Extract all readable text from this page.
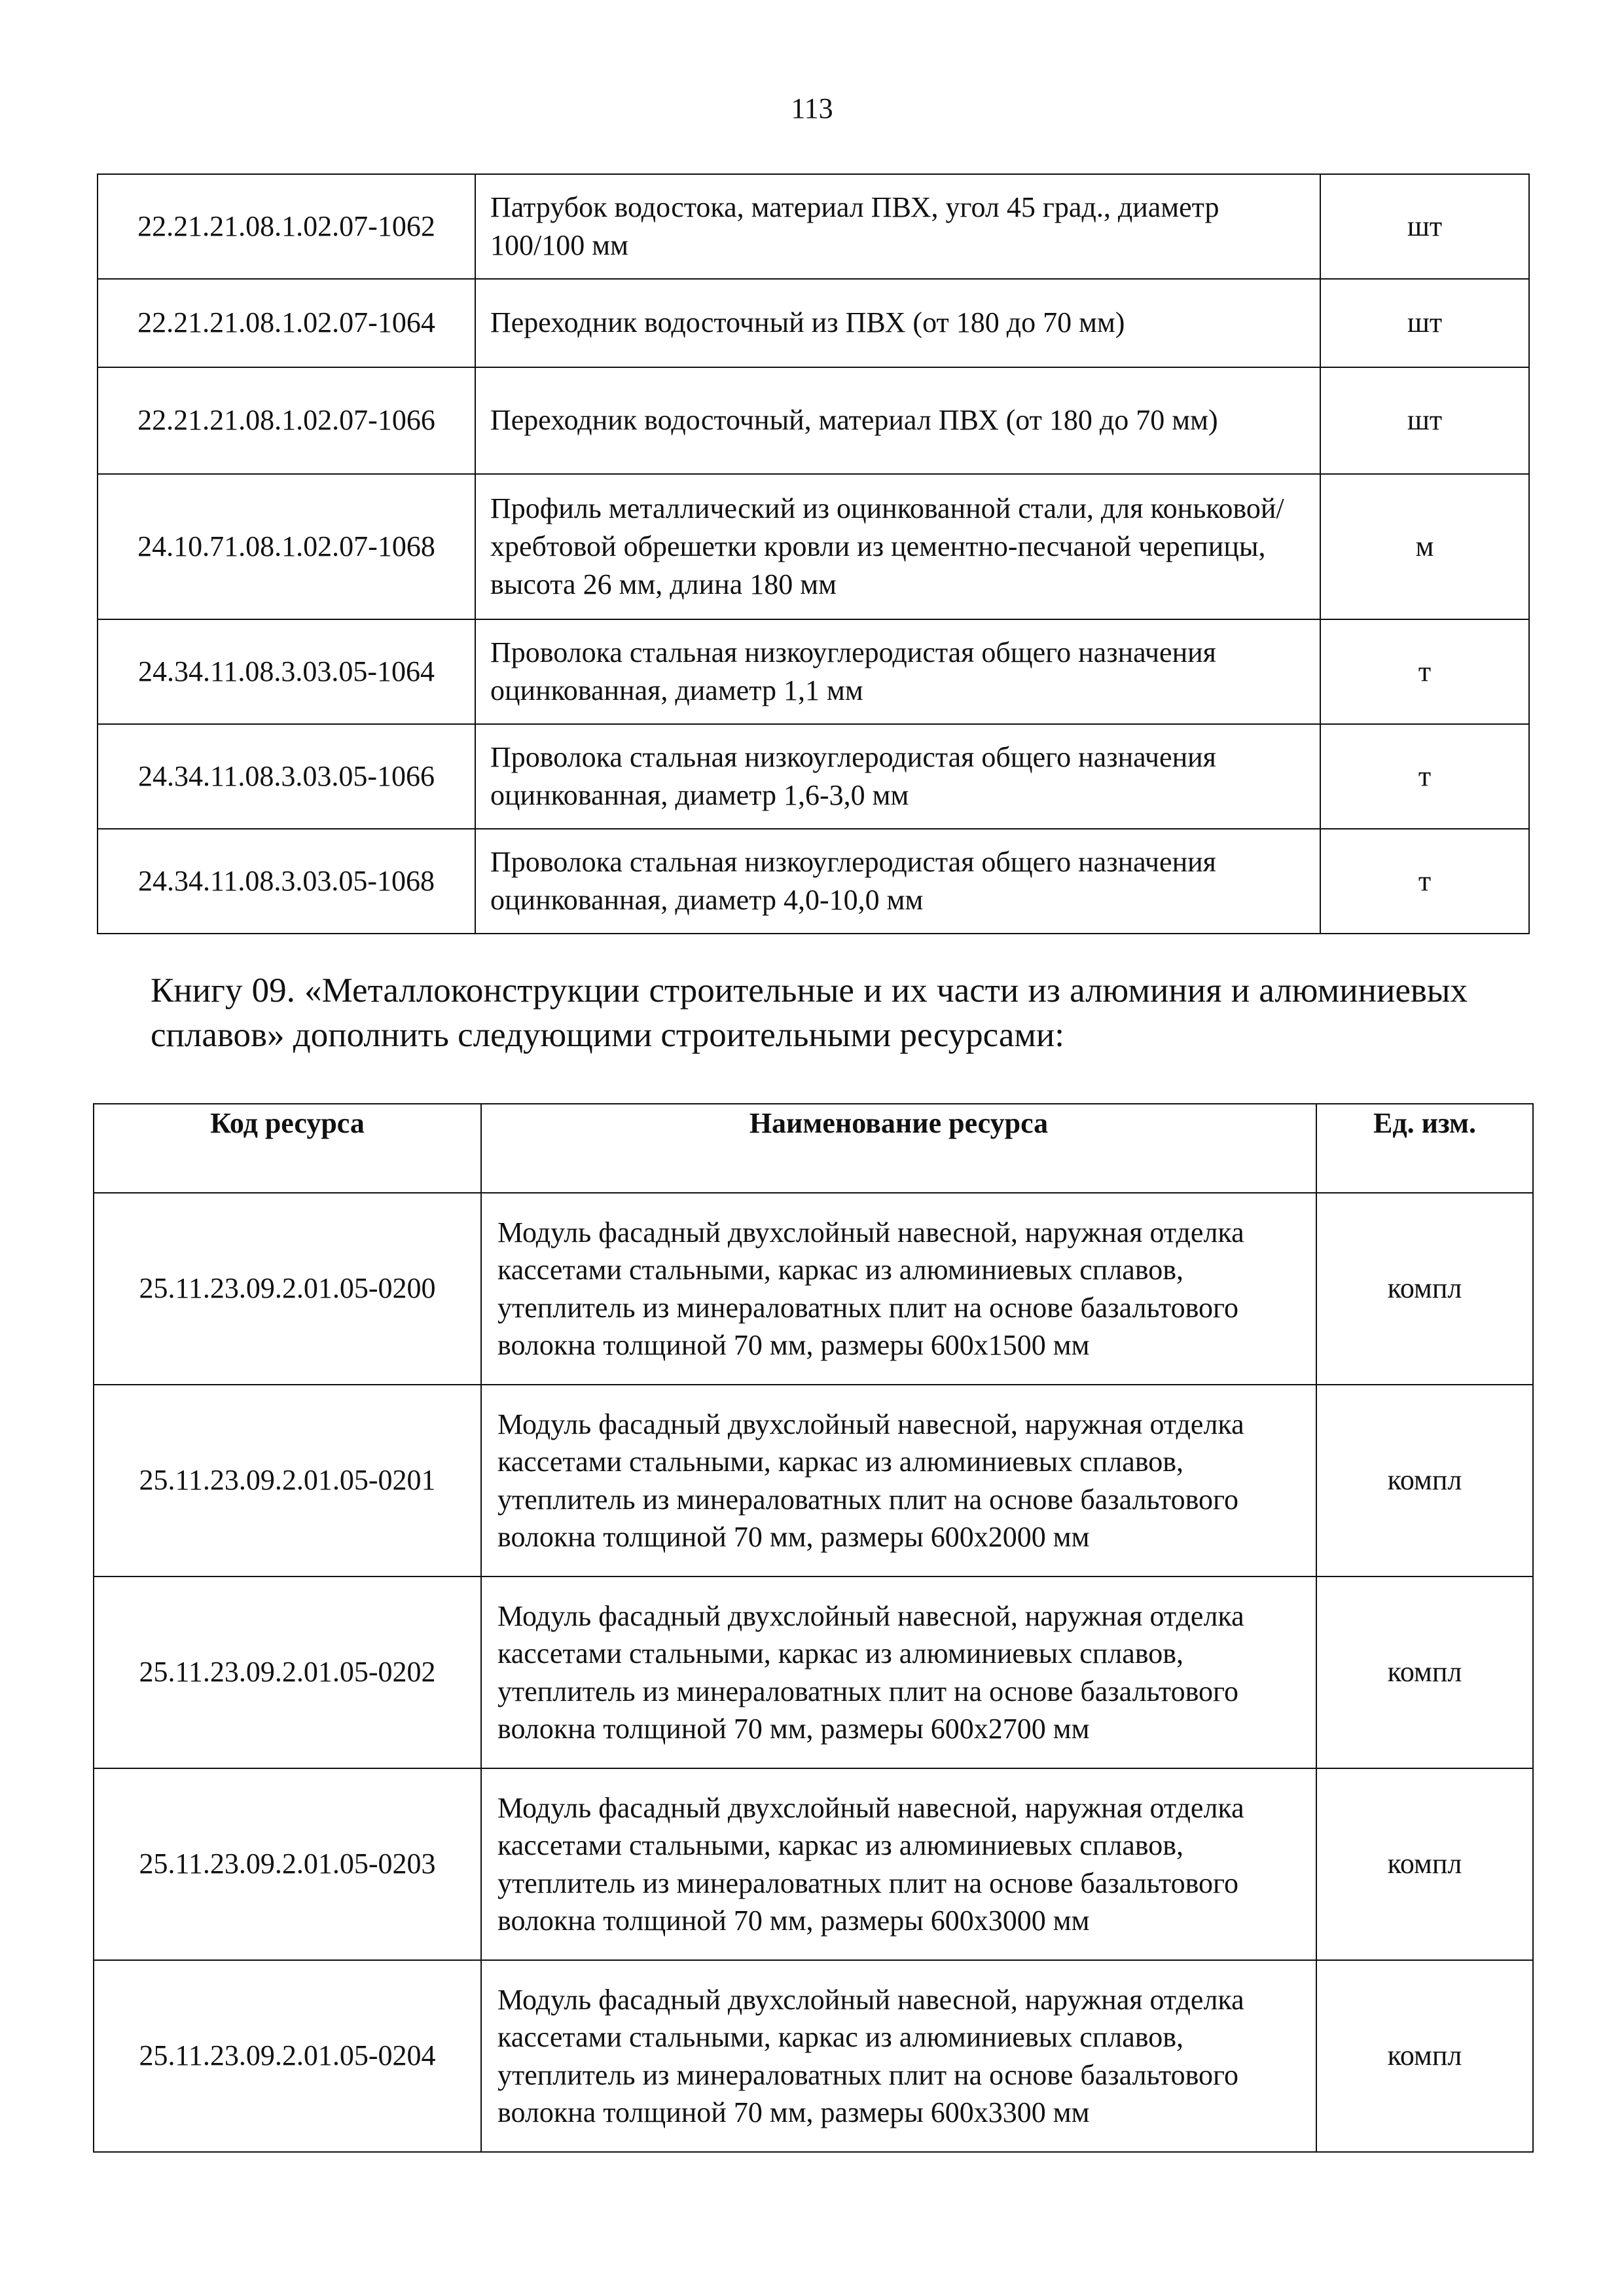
113
22.21.21.08.1.02.07-1062	Патрубок водостока, материал ПВХ, угол 45 град., диаметр 100/100 мм	шт
22.21.21.08.1.02.07-1064	Переходник водосточный из ПВХ (от 180 до 70 мм)	шт
22.21.21.08.1.02.07-1066	Переходник водосточный, материал ПВХ (от 180 до 70 мм)	шт
24.10.71.08.1.02.07-1068	Профиль металлический из оцинкованной стали, для коньковой/хребтовой обрешетки кровли из цементно-песчаной черепицы, высота 26 мм, длина 180 мм	м
24.34.11.08.3.03.05-1064	Проволока стальная низкоуглеродистая общего назначения оцинкованная, диаметр 1,1 мм	т
24.34.11.08.3.03.05-1066	Проволока стальная низкоуглеродистая общего назначения оцинкованная, диаметр 1,6-3,0 мм	т
24.34.11.08.3.03.05-1068	Проволока стальная низкоуглеродистая общего назначения оцинкованная, диаметр 4,0-10,0 мм	т
Книгу 09. «Металлоконструкции строительные и их части из алюминия и алюминиевых сплавов» дополнить следующими строительными ресурсами:
Код ресурса	Наименование ресурса	Ед. изм.
25.11.23.09.2.01.05-0200	Модуль фасадный двухслойный навесной, наружная отделка кассетами стальными, каркас из алюминиевых сплавов, утеплитель из минераловатных плит на основе базальтового волокна толщиной 70 мм, размеры 600x1500 мм	компл
25.11.23.09.2.01.05-0201	Модуль фасадный двухслойный навесной, наружная отделка кассетами стальными, каркас из алюминиевых сплавов, утеплитель из минераловатных плит на основе базальтового волокна толщиной 70 мм, размеры 600x2000 мм	компл
25.11.23.09.2.01.05-0202	Модуль фасадный двухслойный навесной, наружная отделка кассетами стальными, каркас из алюминиевых сплавов, утеплитель из минераловатных плит на основе базальтового волокна толщиной 70 мм, размеры 600x2700 мм	компл
25.11.23.09.2.01.05-0203	Модуль фасадный двухслойный навесной, наружная отделка кассетами стальными, каркас из алюминиевых сплавов, утеплитель из минераловатных плит на основе базальтового волокна толщиной 70 мм, размеры 600x3000 мм	компл
25.11.23.09.2.01.05-0204	Модуль фасадный двухслойный навесной, наружная отделка кассетами стальными, каркас из алюминиевых сплавов, утеплитель из минераловатных плит на основе базальтового волокна толщиной 70 мм, размеры 600x3300 мм	компл
